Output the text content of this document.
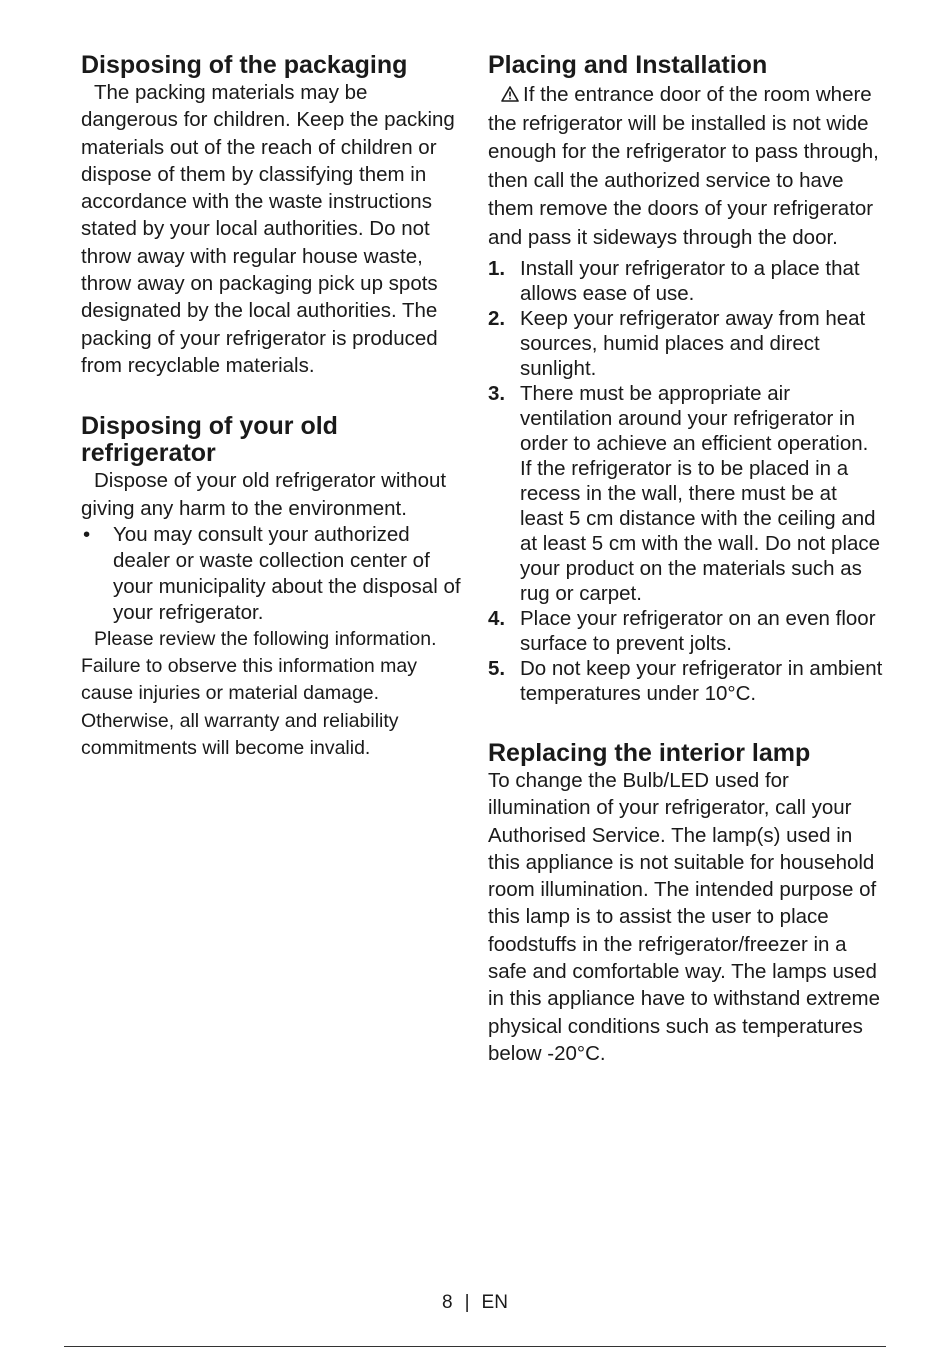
Disposing of the packaging

The packing materials may be dangerous for children. Keep the packing materials out of the reach of children or dispose of them by classifying them in accordance with the waste instructions stated by your local authorities. Do not throw away with regular house waste, throw away on packaging pick up spots designated by the local authorities. The packing of your refrigerator is produced from recyclable materials.

Disposing of your old refrigerator

Dispose of your old refrigerator without giving any harm to the environment.

• You may consult your authorized dealer or waste collection center of your municipality about the disposal of your refrigerator.

Please review the following information. Failure to observe this information may cause injuries or material damage. Otherwise, all warranty and reliability commitments will become invalid.

Placing and Installation

If the entrance door of the room where the refrigerator will be installed is not wide enough for the refrigerator to pass through, then call the authorized service to have them remove the doors of your refrigerator and pass it sideways through the door.

1. Install your refrigerator to a place that allows ease of use.
2. Keep your refrigerator away from heat sources, humid places and direct sunlight.
3. There must be appropriate air ventilation around your refrigerator in order to achieve an efficient operation. If the refrigerator is to be placed in a recess in the wall, there must be at least 5 cm distance with the ceiling and at least 5 cm with the wall. Do not place your product on the materials such as rug or carpet.
4. Place your refrigerator on an even floor surface to prevent jolts.
5. Do not keep your refrigerator in ambient temperatures under 10°C.
Replacing the interior lamp

To change the Bulb/LED used for illumination of your refrigerator, call your Authorised Service. The lamp(s) used in this appliance is not suitable for household room illumination. The intended purpose of this lamp is to assist the user to place foodstuffs in the refrigerator/freezer in a safe and comfortable way. The lamps used in this appliance have to withstand extreme physical conditions such as temperatures below -20°C.

8 | EN
